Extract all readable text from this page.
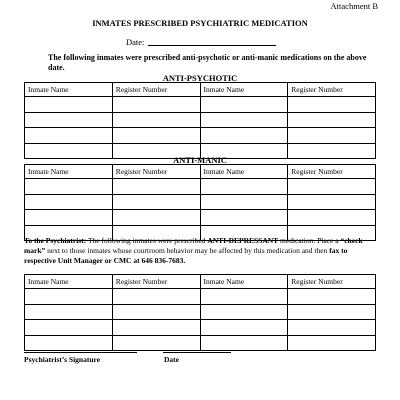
Attachment B
INMATES PRESCRIBED PSYCHIATRIC MEDICATION
Date:
The following inmates were prescribed anti-psychotic or anti-manic medications on the above date.
ANTI-PSYCHOTIC
Inmate Name	Register Number	Inmate Name	Register Number

ANTI-MANIC
Inmate Name	Register Number	Inmate Name	Register Number

To the Psychiatrist: The following inmates were prescribed ANTI-DEPRESSANT medication. Place a “check mark” next to those inmates whose courtroom behavior may be affected by this medication and then fax to respective Unit Manager or CMC at 646 836-7683.
Inmate Name	Register Number	Inmate Name	Register Number

Psychiatrist’s Signature	Date
